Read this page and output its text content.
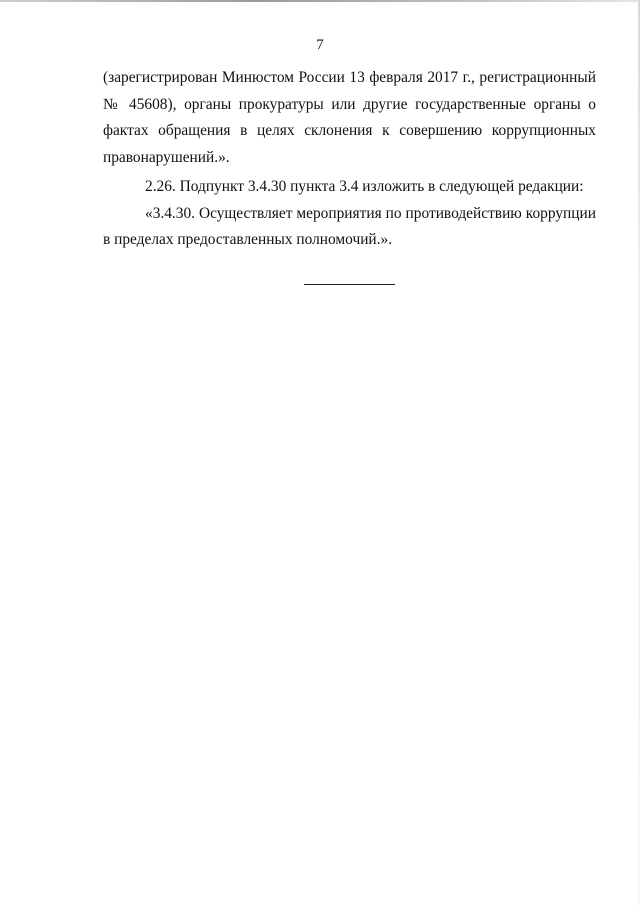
7

(зарегистрирован Минюстом России 13 февраля 2017 г., регистрационный № 45608), органы прокуратуры или другие государственные органы о фактах обращения в целях склонения к совершению коррупционных правонарушений.».

2.26. Подпункт 3.4.30 пункта 3.4 изложить в следующей редакции:

«3.4.30. Осуществляет мероприятия по противодействию коррупции в пределах предоставленных полномочий.».
